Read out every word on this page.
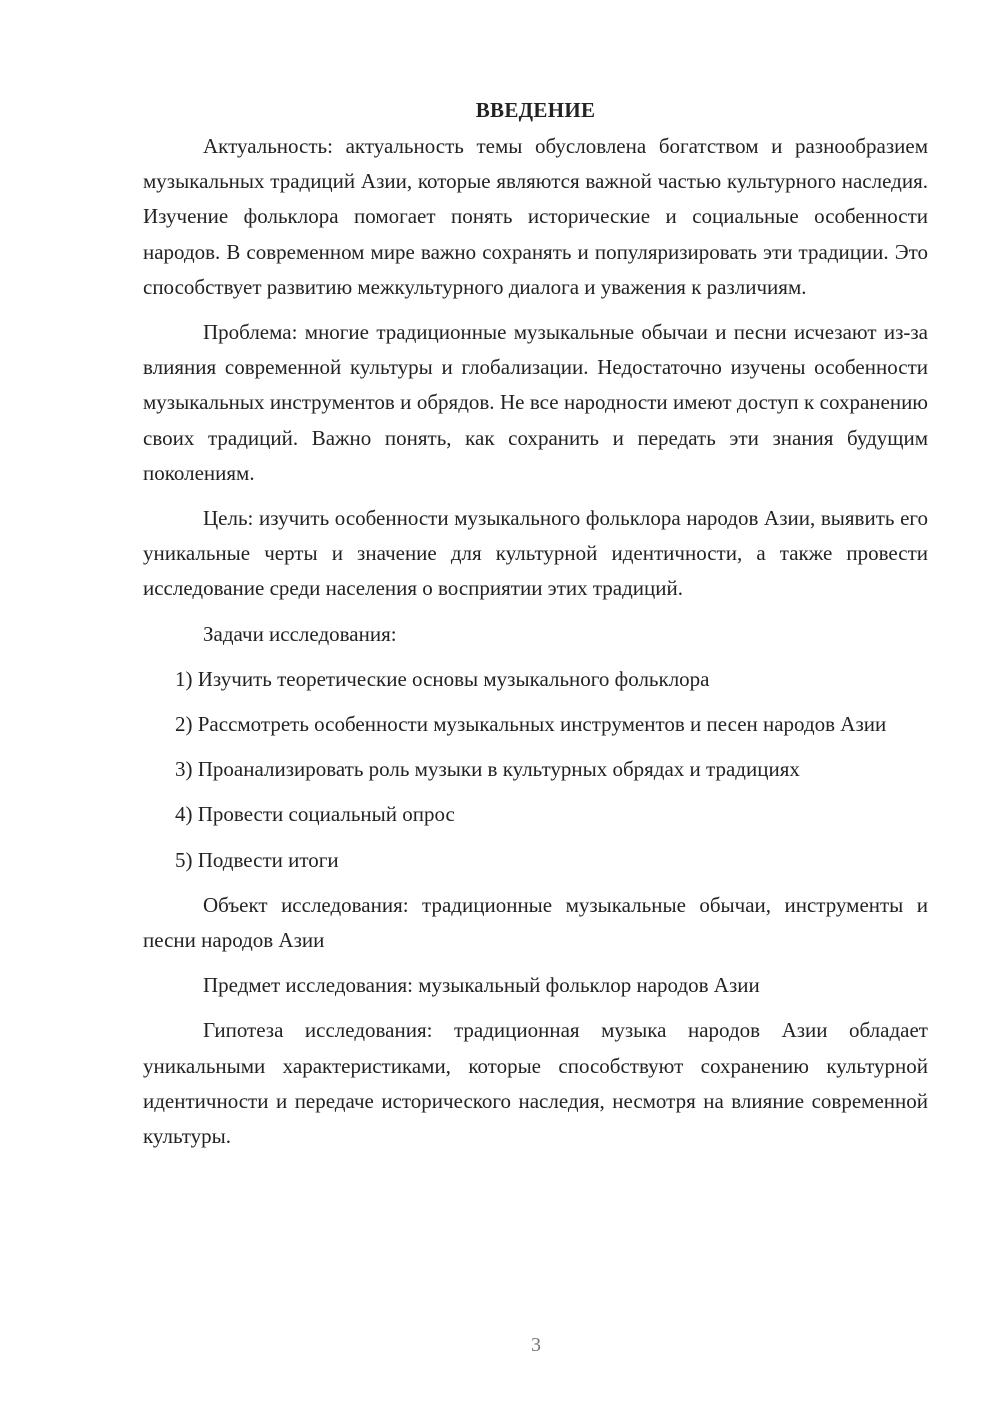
ВВЕДЕНИЕ

Актуальность: актуальность темы обусловлена богатством и разнообразием музыкальных традиций Азии, которые являются важной частью культурного наследия. Изучение фольклора помогает понять исторические и социальные особенности народов. В современном мире важно сохранять и популяризировать эти традиции. Это способствует развитию межкультурного диалога и уважения к различиям.

Проблема: многие традиционные музыкальные обычаи и песни исчезают из-за влияния современной культуры и глобализации. Недостаточно изучены особенности музыкальных инструментов и обрядов. Не все народности имеют доступ к сохранению своих традиций. Важно понять, как сохранить и передать эти знания будущим поколениям.

Цель: изучить особенности музыкального фольклора народов Азии, выявить его уникальные черты и значение для культурной идентичности, а также провести исследование среди населения о восприятии этих традиций.

Задачи исследования:

1) Изучить теоретические основы музыкального фольклора

2) Рассмотреть особенности музыкальных инструментов и песен народов Азии

3) Проанализировать роль музыки в культурных обрядах и традициях

4) Провести социальный опрос

5) Подвести итоги

Объект исследования: традиционные музыкальные обычаи, инструменты и песни народов Азии

Предмет исследования: музыкальный фольклор народов Азии

Гипотеза исследования: традиционная музыка народов Азии обладает уникальными характеристиками, которые способствуют сохранению культурной идентичности и передаче исторического наследия, несмотря на влияние современной культуры.

3
